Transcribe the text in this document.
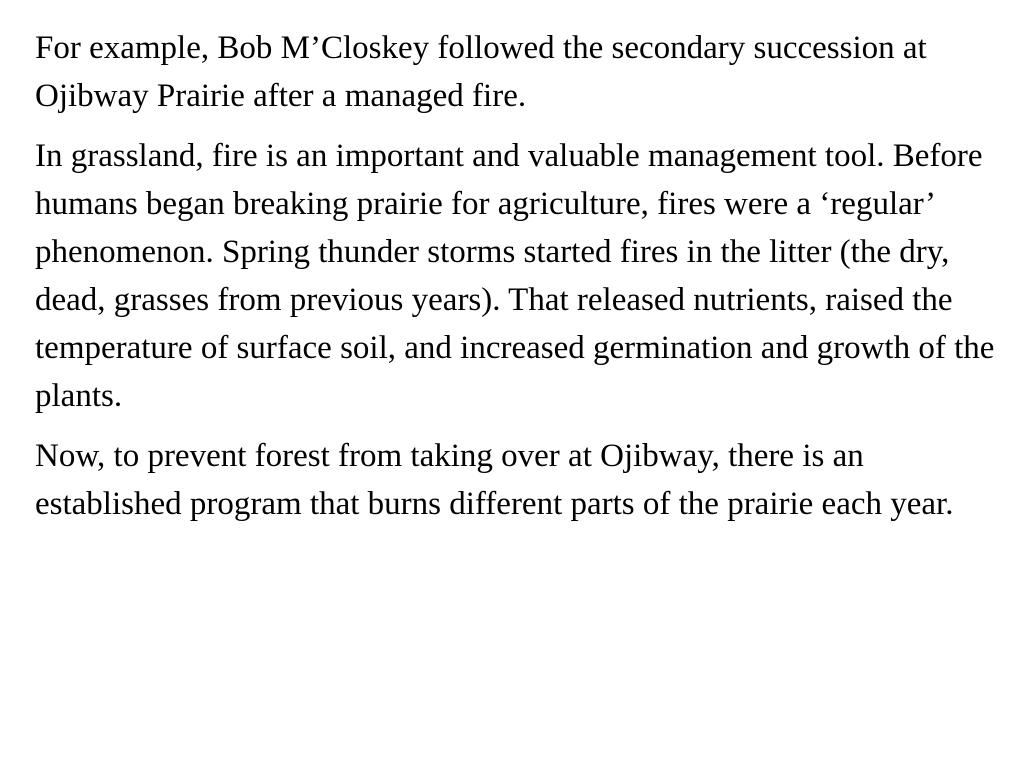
For example, Bob M’Closkey followed the secondary succession at Ojibway Prairie after a managed fire.

In grassland, fire is an important and valuable management tool. Before humans began breaking prairie for agriculture, fires were a ‘regular’ phenomenon. Spring thunder storms started fires in the litter (the dry, dead, grasses from previous years). That released nutrients, raised the temperature of surface soil, and increased germination and growth of the plants.

Now, to prevent forest from taking over at Ojibway, there is an established program that burns different parts of the prairie each year.
